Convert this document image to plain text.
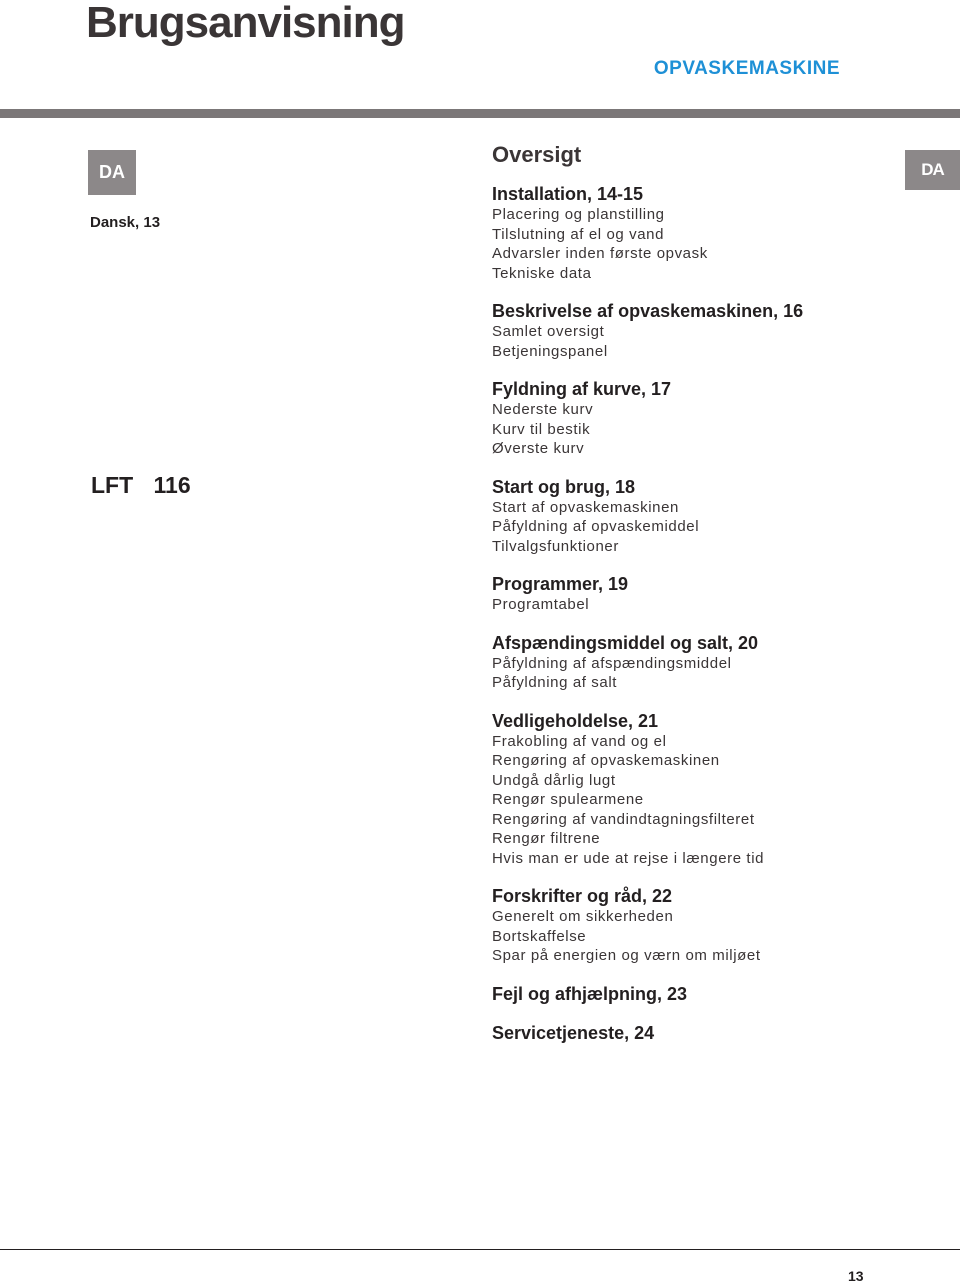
Brugsanvisning
OPVASKEMASKINE
DA
Dansk, 13
LFT 116
DA
Oversigt
Installation, 14-15
Placering og planstilling
Tilslutning af el og vand
Advarsler inden første opvask
Tekniske data
Beskrivelse af opvaskemaskinen, 16
Samlet oversigt
Betjeningspanel
Fyldning af kurve, 17
Nederste kurv
Kurv til bestik
Øverste kurv
Start og brug, 18
Start af opvaskemaskinen
Påfyldning af opvaskemiddel
Tilvalgsfunktioner
Programmer, 19
Programtabel
Afspændingsmiddel og salt, 20
Påfyldning af afspændingsmiddel
Påfyldning af salt
Vedligeholdelse, 21
Frakobling af vand og el
Rengøring af opvaskemaskinen
Undgå dårlig lugt
Rengør spulearmene
Rengøring af vandindtagningsfilteret
Rengør filtrene
Hvis man er ude at rejse i længere tid
Forskrifter og råd, 22
Generelt om sikkerheden
Bortskaffelse
Spar på energien og værn om miljøet
Fejl og afhjælpning, 23
Servicetjeneste, 24
13
